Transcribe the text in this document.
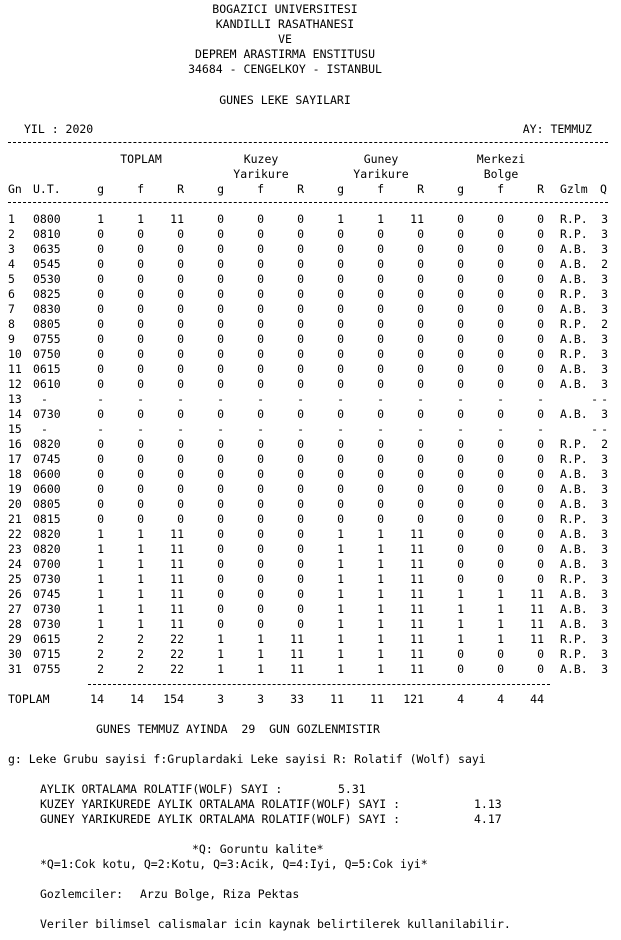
BOGAZICI UNIVERSITESI
KANDILLI RASATHANESI
VE
DEPREM ARASTIRMA ENSTITUSU
34684 - CENGELKOY - ISTANBUL
GUNES LEKE SAYILARI
YIL : 2020	AY: TEMMUZ
TOPLAM	Kuzey
Yarikure
Guney
Yarikure
Merkezi
Bolge
Gn U.T.	g	f	R	g	f	R	g	f	R	g	f	R Gzlm Q
1	0800	1	1	11	0	0	0	1	1	11	0	0	0 R.P.	3
2	0810	0	0	0	0	0	0	0	0	0	0	0	0 R.P.	3
3	0635	0	0	0	0	0	0	0	0	0	0	0	0 A.B.	3
4	0545	0	0	0	0	0	0	0	0	0	0	0	0 A.B.	2
5	0530	0	0	0	0	0	0	0	0	0	0	0	0 A.B.	3
6	0825	0	0	0	0	0	0	0	0	0	0	0	0 R.P.	3
7	0830	0	0	0	0	0	0	0	0	0	0	0	0 A.B.	3
8	0805	0	0	0	0	0	0	0	0	0	0	0	0 R.P.	2
9	0755	0	0	0	0	0	0	0	0	0	0	0	0 A.B.	3
10 0750	0	0	0	0	0	0	0	0	0	0	0	0 R.P.	3
11 0615	0	0	0	0	0	0	0	0	0	0	0	0 A.B.	3
12 0610	0	0	0	0	0	0	0	0	0	0	0	0 A.B.	3
13	-	-	-	-	-	-	-	-	-	-	-	-	-	- -
14 0730	0	0	0	0	0	0	0	0	0	0	0	0 A.B.	3
15	-	-	-	-	-	-	-	-	-	-	-	-	-	- -
16 0820	0	0	0	0	0	0	0	0	0	0	0	0 R.P.	2
17 0745	0	0	0	0	0	0	0	0	0	0	0	0 R.P.	3
18 0600	0	0	0	0	0	0	0	0	0	0	0	0 A.B.	3
19 0600	0	0	0	0	0	0	0	0	0	0	0	0 A.B.	3
20 0805	0	0	0	0	0	0	0	0	0	0	0	0 A.B.	3
21 0815	0	0	0	0	0	0	0	0	0	0	0	0 R.P.	3
22 0820	1	1	11	0	0	0	1	1	11	0	0	0 A.B.	3
23 0820	1	1	11	0	0	0	1	1	11	0	0	0 A.B.	3
24 0700	1	1	11	0	0	0	1	1	11	0	0	0 A.B.	3
25 0730	1	1	11	0	0	0	1	1	11	0	0	0 R.P.	3
26 0745	1	1	11	0	0	0	1	1	11	1	1	11 A.B.	3
27 0730	1	1	11	0	0	0	1	1	11	1	1	11 A.B.	3
28 0730	1	1	11	0	0	0	1	1	11	1	1	11 A.B.	3
29 0615	2	2	22	1	1	11	1	1	11	1	1	11 R.P.	3
30 0715	2	2	22	1	1	11	1	1	11	0	0	0 R.P.	3
31 0755	2	2	22	1	1	11	1	1	11	0	0	0 A.B.	3
TOPLAM	14	14 154	3	3	33	11	11 121	4	4	44
GUNES TEMMUZ AYINDA  29  GUN GOZLENMISTIR
g: Leke Grubu sayisi f:Gruplardaki Leke sayisi R: Rolatif (Wolf) sayi
AYLIK ORTALAMA ROLATIF(WOLF) SAYI :	5.31
KUZEY YARIKUREDE AYLIK ORTALAMA ROLATIF(WOLF) SAYI :	1.13
GUNEY YARIKUREDE AYLIK ORTALAMA ROLATIF(WOLF) SAYI :	4.17
*Q: Goruntu kalite*
*Q=1:Cok kotu, Q=2:Kotu, Q=3:Acik, Q=4:Iyi, Q=5:Cok iyi*
Gozlemciler: Arzu Bolge, Riza Pektas
Veriler bilimsel calismalar icin kaynak belirtilerek kullanilabilir.
